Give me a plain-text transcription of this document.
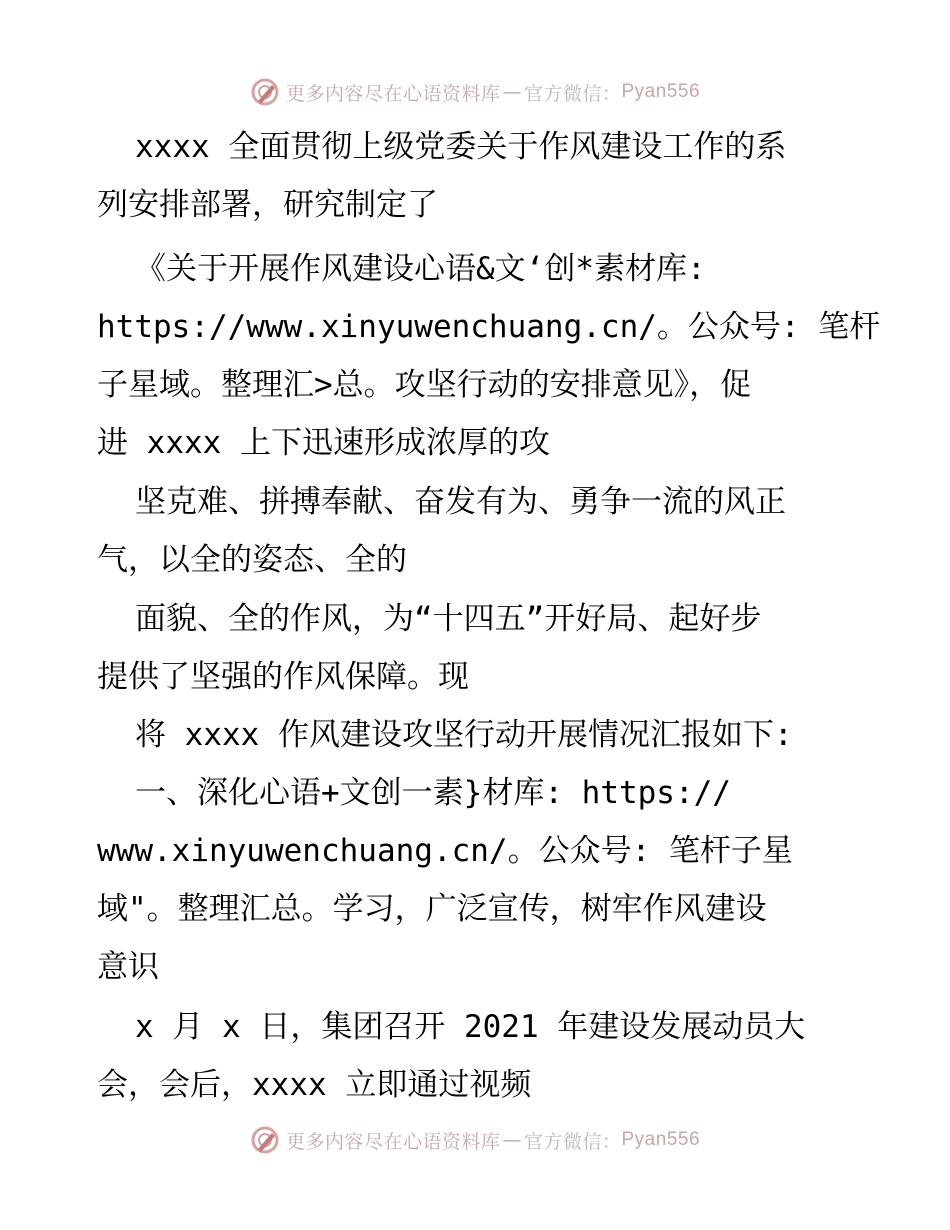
更多内容尽在心语资料库 — 官方微信： Pyan556
xxxx 全面贯彻上级党委关于作风建设工作的系
列安排部署，研究制定了
《关于开展作风建设心语&文‘创*素材库:
https://www.xinyuwenchuang.cn/。公众号: 笔杆
子星域。整理汇>总。攻坚行动的安排意见》，促
进 xxxx 上下迅速形成浓厚的攻
坚克难、拼搏奉献、奋发有为、勇争一流的风正
气，以全的姿态、全的
面貌、全的作风，为“十四五”开好局、起好步
提供了坚强的作风保障。现
将 xxxx 作风建设攻坚行动开展情况汇报如下:
一、深化心语+文创一素}材库: https://
www.xinyuwenchuang.cn/。公众号: 笔杆子星
域"。整理汇总。学习，广泛宣传，树牢作风建设
意识
x 月 x 日，集团召开 2021 年建设发展动员大
会，会后，xxxx 立即通过视频
更多内容尽在心语资料库 — 官方微信： Pyan556
